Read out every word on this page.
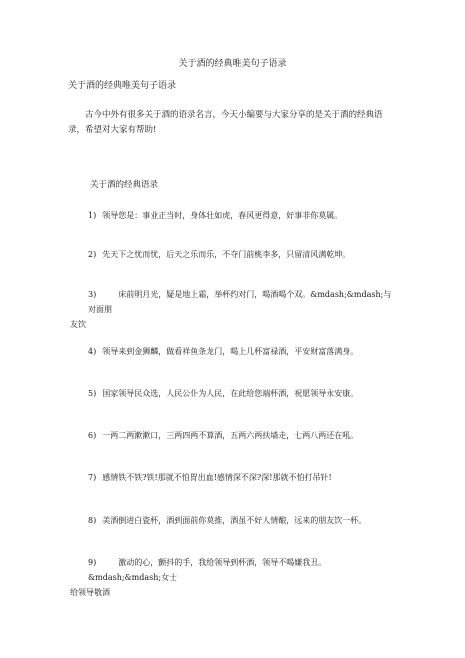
关于酒的经典唯美句子语录
关于酒的经典唯美句子语录
古今中外有很多关于酒的语录名言，今天小编要与大家分享的是关于酒的经典语录，希望对大家有帮助!
关于酒的经典语录
1) 领导您是：事业正当时，身体壮如虎，春风更得意，好事非你莫属。
2) 先天下之忧而忧，后天之乐而乐，不夺门前桃李多，只留清风满乾坤。
3)	床前明月光，疑是地上霜，举杯约对门，喝酒喝个双。&mdash;&mdash;与对面朋
友饮
4) 领导来到金狮麟，做看祥鱼条龙门，喝上几杯富禄酒，平安财富落满身。
5) 国家领导民众选，人民公仆为人民，在此给您端杯酒，祝愿领导永安康。
6) 一两二两漱漱口，三两四两不算酒，五两六两扶墙走，七两八两还在吼。
7) 感情铁不铁?铁!那就不怕胃出血!感情深不深?深!那就不怕打吊针!
8) 美酒倒进白瓷杯，酒到面前你莫推，酒虽不好人情酿，远来的朋友饮一杯。
9)	激动的心，颤抖的手，我给领导到杯酒，领导不喝嫌我丑。&mdash;&mdash;女士
给领导敬酒
